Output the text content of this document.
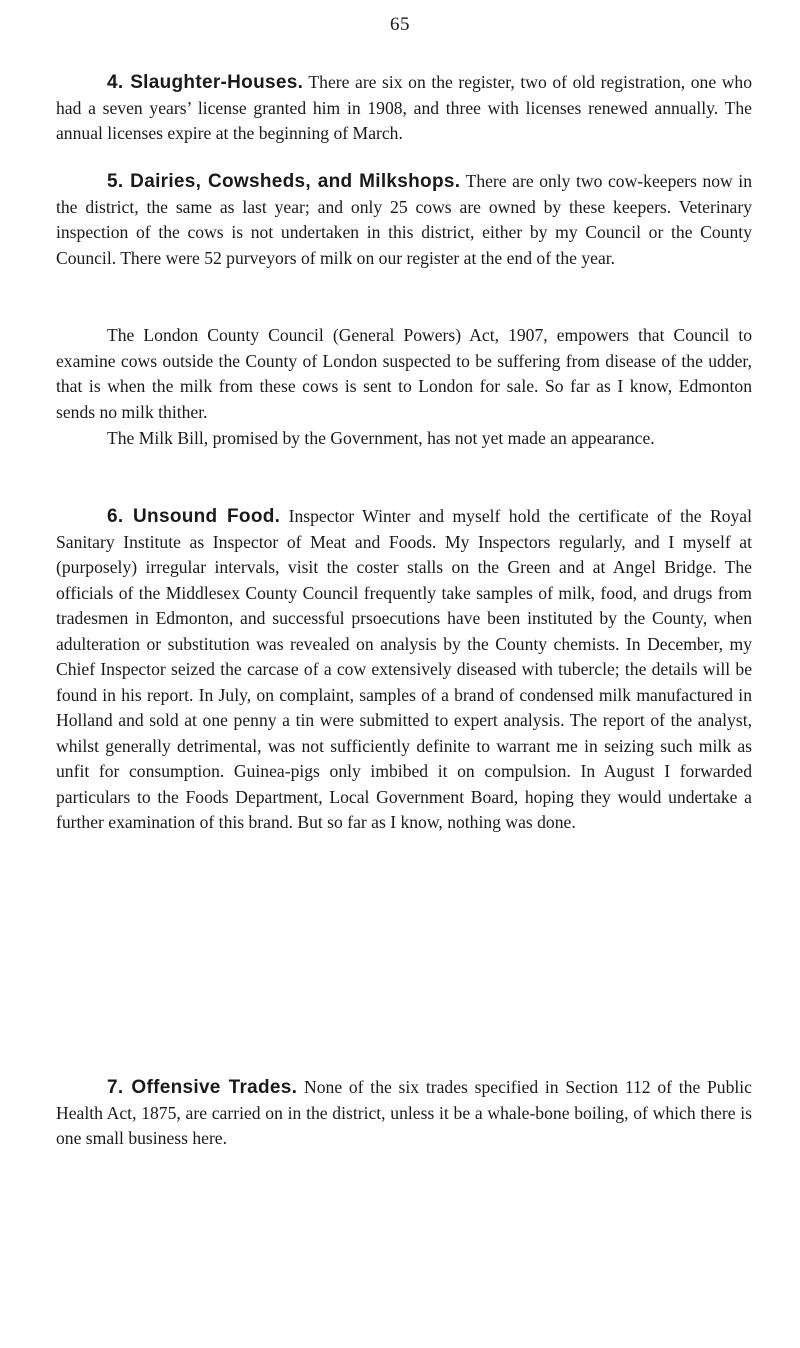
65

4. Slaughter-Houses. There are six on the register, two of old registration, one who had a seven years’ license granted him in 1908, and three with licenses renewed annually. The annual licenses expire at the beginning of March.

5. Dairies, Cowsheds, and Milkshops. There are only two cow-keepers now in the district, the same as last year; and only 25 cows are owned by these keepers. Veterinary inspection of the cows is not undertaken in this district, either by my Council or the County Council. There were 52 purveyors of milk on our register at the end of the year.

The London County Council (General Powers) Act, 1907, empowers that Council to examine cows outside the County of London suspected to be suffering from disease of the udder, that is when the milk from these cows is sent to London for sale. So far as I know, Edmonton sends no milk thither.

The Milk Bill, promised by the Government, has not yet made an appearance.

6. Unsound Food. Inspector Winter and myself hold the certificate of the Royal Sanitary Institute as Inspector of Meat and Foods. My Inspectors regularly, and I myself at (purposely) irregular intervals, visit the coster stalls on the Green and at Angel Bridge. The officials of the Middlesex County Council frequently take samples of milk, food, and drugs from tradesmen in Edmonton, and successful prsoecutions have been instituted by the County, when adulteration or substitution was revealed on analysis by the County chemists. In December, my Chief Inspector seized the carcase of a cow extensively diseased with tubercle; the details will be found in his report. In July, on complaint, samples of a brand of condensed milk manufactured in Holland and sold at one penny a tin were submitted to expert analysis. The report of the analyst, whilst generally detrimental, was not sufficiently definite to warrant me in seizing such milk as unfit for consumption. Guinea-pigs only imbibed it on compulsion. In August I forwarded particulars to the Foods Department, Local Government Board, hoping they would undertake a further examination of this brand. But so far as I know, nothing was done.

7. Offensive Trades. None of the six trades specified in Section 112 of the Public Health Act, 1875, are carried on in the district, unless it be a whale-bone boiling, of which there is one small business here.
